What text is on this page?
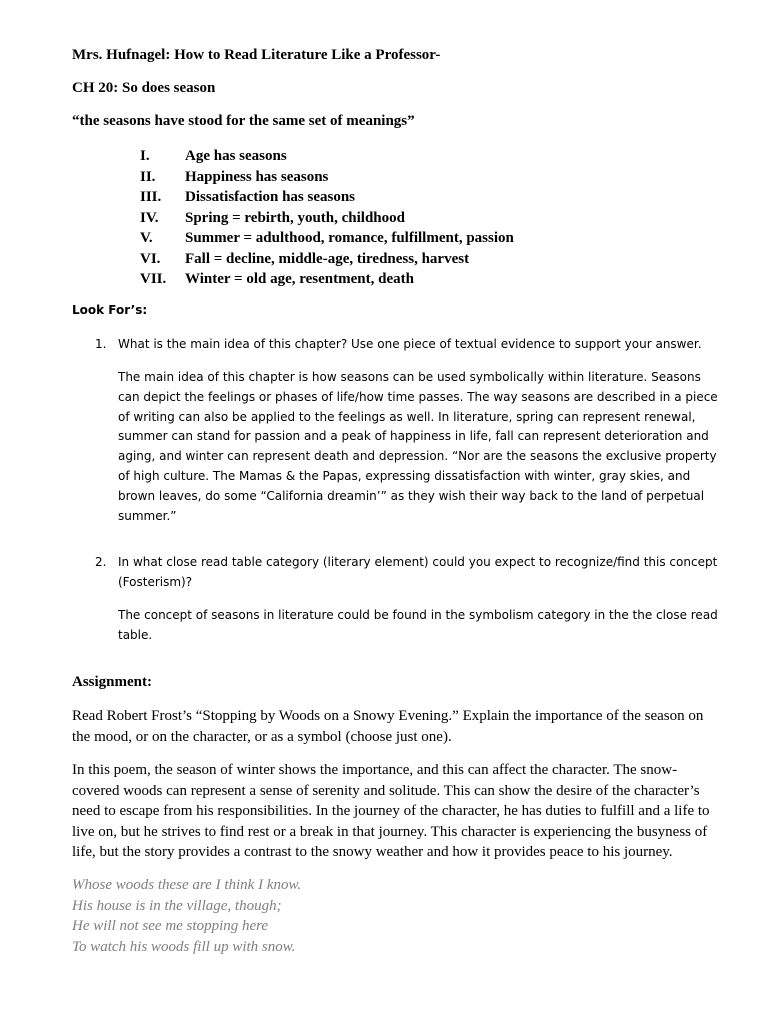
Mrs. Hufnagel: How to Read Literature Like a Professor-

CH 20: So does season

“the seasons have stood for the same set of meanings”

I.	Age has seasons
II.	Happiness has seasons
III.	Dissatisfaction has seasons
IV.	Spring = rebirth, youth, childhood
V.	Summer = adulthood, romance, fulfillment, passion
VI.	Fall = decline, middle-age, tiredness, harvest
VII.	Winter = old age, resentment, death

Look For’s:

1. What is the main idea of this chapter? Use one piece of textual evidence to support your answer.

The main idea of this chapter is how seasons can be used symbolically within literature. Seasons can depict the feelings or phases of life/how time passes. The way seasons are described in a piece of writing can also be applied to the feelings as well. In literature, spring can represent renewal, summer can stand for passion and a peak of happiness in life, fall can represent deterioration and aging, and winter can represent death and depression. “Nor are the seasons the exclusive property of high culture. The Mamas & the Papas, expressing dissatisfaction with winter, gray skies, and brown leaves, do some “California dreamin’” as they wish their way back to the land of perpetual summer.”

2. In what close read table category (literary element) could you expect to recognize/find this concept (Fosterism)?

The concept of seasons in literature could be found in the symbolism category in the the close read table.

Assignment:

Read Robert Frost’s “Stopping by Woods on a Snowy Evening.” Explain the importance of the season on the mood, or on the character, or as a symbol (choose just one).

In this poem, the season of winter shows the importance, and this can affect the character. The snow-covered woods can represent a sense of serenity and solitude. This can show the desire of the character’s need to escape from his responsibilities. In the journey of the character, he has duties to fulfill and a life to live on, but he strives to find rest or a break in that journey. This character is experiencing the busyness of life, but the story provides a contrast to the snowy weather and how it provides peace to his journey.

Whose woods these are I think I know.
His house is in the village, though;
He will not see me stopping here
To watch his woods fill up with snow.
